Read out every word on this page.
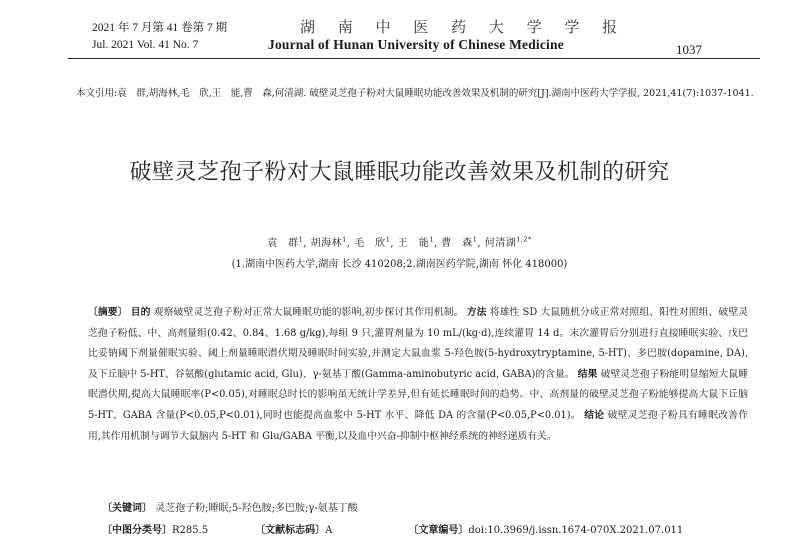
2021 年 7 月第 41 卷第 7 期
Jul. 2021 Vol. 41 No. 7
湖 南 中 医 药 大 学 学 报
Journal of Hunan University of Chinese Medicine	1037
本文引用:袁　群,胡海林,毛　欣,王　能,曹　森,何清湖. 破壁灵芝孢子粉对大鼠睡眠功能改善效果及机制的研究[J].湖南中医药大学学报, 2021,41(7):1037-1041.
破壁灵芝孢子粉对大鼠睡眠功能改善效果及机制的研究
袁　群$^1$, 胡海林$^1$, 毛　欣$^1$, 王　能$^1$, 曹　森$^1$, 何清湖$^{1,2*}$
(1.湖南中医药大学,湖南 长沙 410208;2.湖南医药学院,湖南 怀化 418000)
〔摘要〕 目的 观察破壁灵芝孢子粉对正常大鼠睡眠功能的影响,初步探讨其作用机制。 方法 将雄性 SD 大鼠随机分成正常对照组、阳性对照组、破壁灵芝孢子粉低、中、高剂量组(0.42、0.84、1.68 g/kg),每组 9 只,灌胃剂量为 10 mL/(kg·d),连续灌胃 14 d。末次灌胃后分别进行直接睡眠实验、戊巴比妥钠阈下剂量催眠实验、阈上剂量睡眠潜伏期及睡眠时间实验,并测定大鼠血浆 5-羟色胺(5-hydroxytryptamine, 5-HT)、多巴胺(dopamine, DA),及下丘脑中 5-HT、谷氨酸(glutamic acid, Glu)、γ-氨基丁酸(Gamma-aminobutyric acid, GABA)的含量。 结果 破壁灵芝孢子粉能明显缩短大鼠睡眠潜伏期,提高大鼠睡眠率(P<0.05),对睡眠总时长的影响虽无统计学差异,但有延长睡眠时间的趋势。中、高剂量的破壁灵芝孢子粉能够提高大鼠下丘脑 5-HT、GABA 含量(P<0.05,P<0.01),同时也能提高血浆中 5-HT 水平、降低 DA 的含量(P<0.05,P<0.01)。 结论 破壁灵芝孢子粉具有睡眠改善作用,其作用机制与调节大鼠脑内 5-HT 和 Glu/GABA 平衡,以及血中兴奋-抑制中枢神经系统的神经递质有关。
〔关键词〕 灵芝孢子粉;睡眠;5-羟色胺;多巴胺;γ-氨基丁酸
〔中图分类号〕R285.5	〔文献标志码〕A	〔文章编号〕doi:10.3969/j.issn.1674-070X.2021.07.011
